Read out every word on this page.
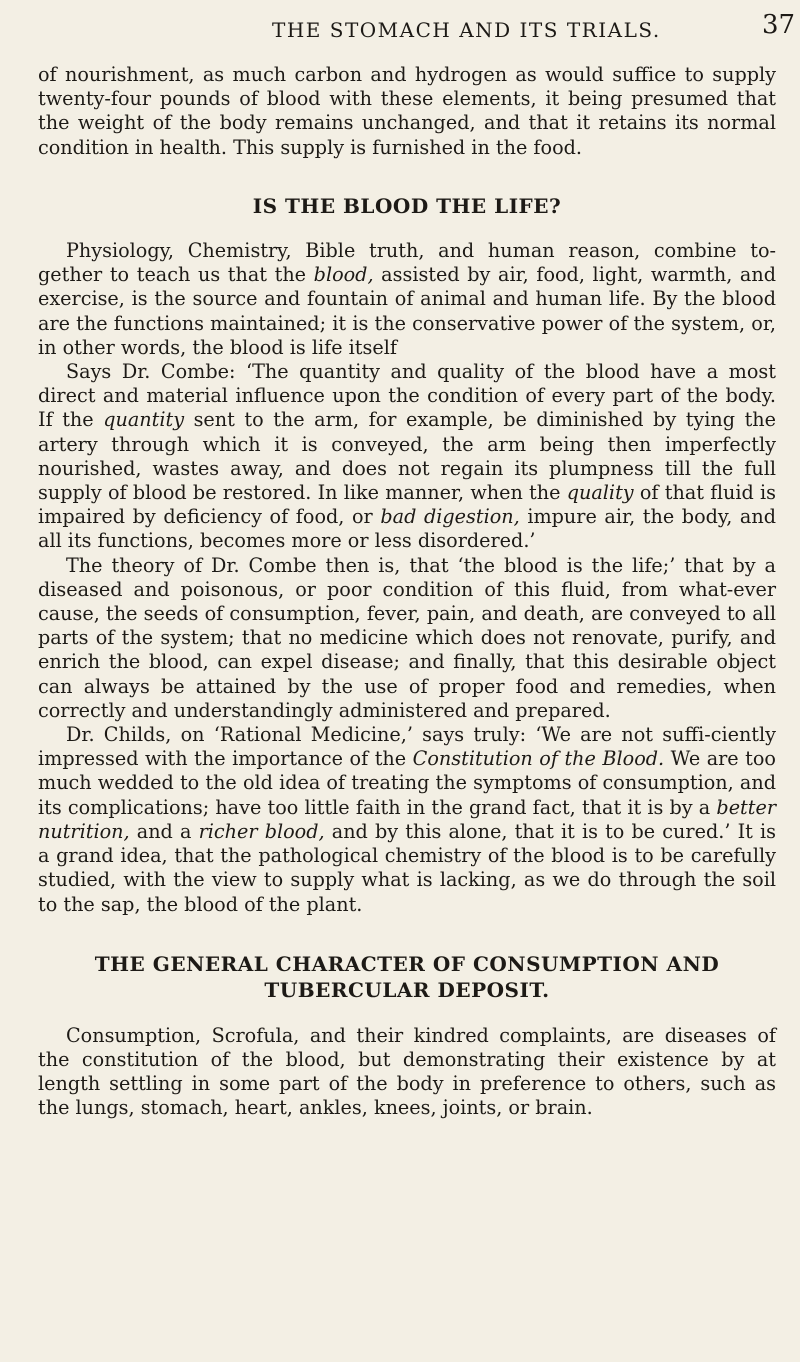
THE STOMACH AND ITS TRIALS.	37

of nourishment, as much carbon and hydrogen as would suffice to supply twenty-four pounds of blood with these elements, it being presumed that the weight of the body remains unchanged, and that it retains its normal condition in health. This supply is furnished in the food.

IS THE BLOOD THE LIFE?

Physiology, Chemistry, Bible truth, and human reason, combine to-gether to teach us that the blood, assisted by air, food, light, warmth, and exercise, is the source and fountain of animal and human life. By the blood are the functions maintained; it is the conservative power of the system, or, in other words, the blood is life itself

Says Dr. Combe: ‘The quantity and quality of the blood have a most direct and material influence upon the condition of every part of the body. If the quantity sent to the arm, for example, be diminished by tying the artery through which it is conveyed, the arm being then imperfectly nourished, wastes away, and does not regain its plumpness till the full supply of blood be restored. In like manner, when the quality of that fluid is impaired by deficiency of food, or bad digestion, impure air, the body, and all its functions, becomes more or less disordered.’

The theory of Dr. Combe then is, that ‘the blood is the life;’ that by a diseased and poisonous, or poor condition of this fluid, from what-ever cause, the seeds of consumption, fever, pain, and death, are conveyed to all parts of the system; that no medicine which does not renovate, purify, and enrich the blood, can expel disease; and finally, that this desirable object can always be attained by the use of proper food and remedies, when correctly and understandingly administered and prepared.

Dr. Childs, on ‘Rational Medicine,’ says truly: ‘We are not suffi-ciently impressed with the importance of the Constitution of the Blood. We are too much wedded to the old idea of treating the symptoms of consumption, and its complications; have too little faith in the grand fact, that it is by a better nutrition, and a richer blood, and by this alone, that it is to be cured.’ It is a grand idea, that the pathological chemistry of the blood is to be carefully studied, with the view to supply what is lacking, as we do through the soil to the sap, the blood of the plant.

THE GENERAL CHARACTER OF CONSUMPTION AND
TUBERCULAR DEPOSIT.

Consumption, Scrofula, and their kindred complaints, are diseases of the constitution of the blood, but demonstrating their existence by at length settling in some part of the body in preference to others, such as the lungs, stomach, heart, ankles, knees, joints, or brain.
